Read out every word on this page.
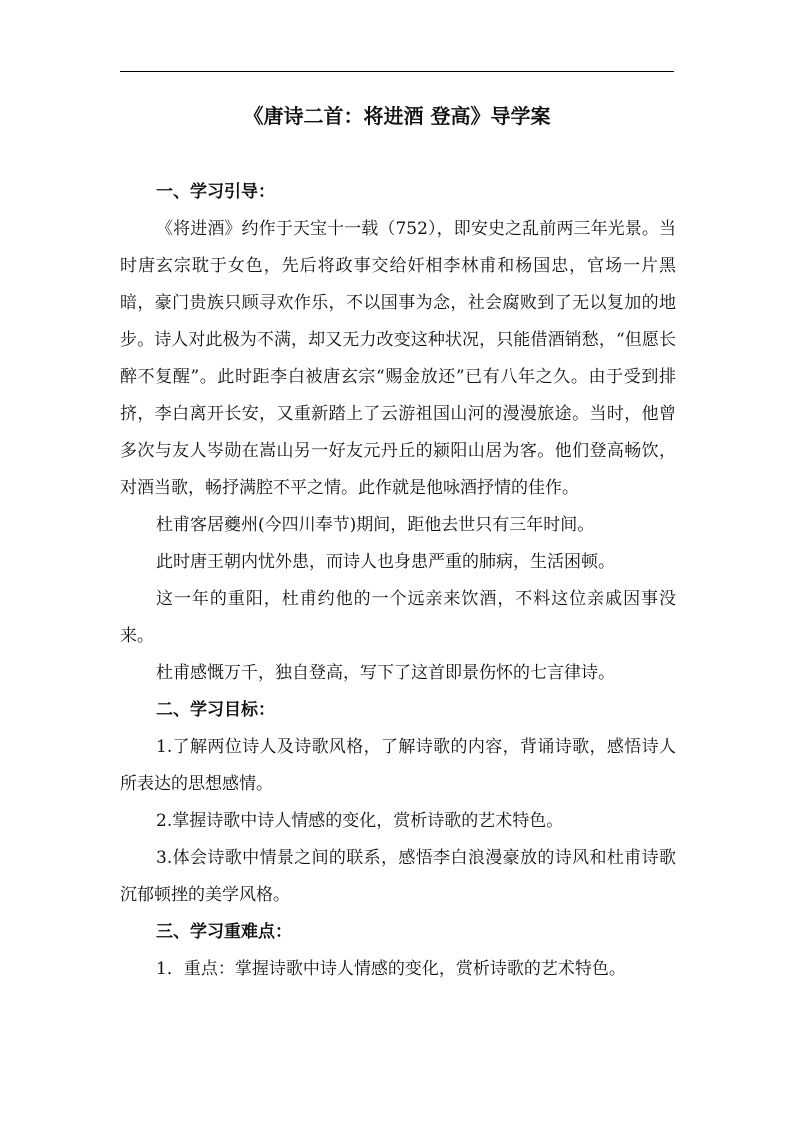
《唐诗二首：将进酒 登高》导学案

一、学习引导：

《将进酒》约作于天宝十一载（752），即安史之乱前两三年光景。当时唐玄宗耽于女色，先后将政事交给奸相李林甫和杨国忠，官场一片黑暗，豪门贵族只顾寻欢作乐，不以国事为念，社会腐败到了无以复加的地步。诗人对此极为不满，却又无力改变这种状况，只能借酒销愁，“但愿长醉不复醒”。此时距李白被唐玄宗“赐金放还”已有八年之久。由于受到排挤，李白离开长安，又重新踏上了云游祖国山河的漫漫旅途。当时，他曾多次与友人岑勋在嵩山另一好友元丹丘的颍阳山居为客。他们登高畅饮，对酒当歌，畅抒满腔不平之情。此作就是他咏酒抒情的佳作。

杜甫客居夔州(今四川奉节)期间，距他去世只有三年时间。

此时唐王朝内忧外患，而诗人也身患严重的肺病，生活困顿。

这一年的重阳，杜甫约他的一个远亲来饮酒，不料这位亲戚因事没来。

杜甫感慨万千，独自登高，写下了这首即景伤怀的七言律诗。

二、学习目标：

1.了解两位诗人及诗歌风格，了解诗歌的内容，背诵诗歌，感悟诗人所表达的思想感情。

2.掌握诗歌中诗人情感的变化，赏析诗歌的艺术特色。

3.体会诗歌中情景之间的联系，感悟李白浪漫豪放的诗风和杜甫诗歌沉郁顿挫的美学风格。

三、学习重难点：

1．重点：掌握诗歌中诗人情感的变化，赏析诗歌的艺术特色。
